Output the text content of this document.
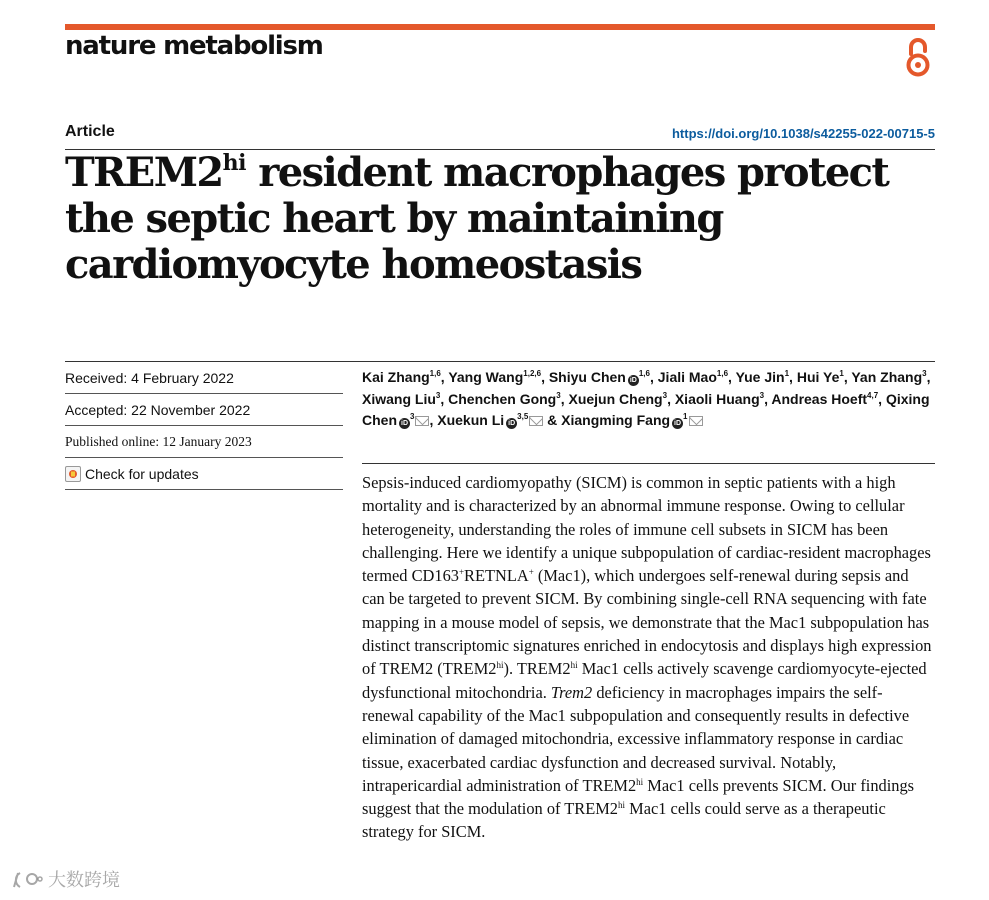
nature metabolism
Article	https://doi.org/10.1038/s42255-022-00715-5
$TREM2^{hi}$ resident macrophages protect the septic heart by maintaining cardiomyocyte homeostasis
Received: 4 February 2022
Accepted: 22 November 2022
Published online: 12 January 2023
Check for updates
Kai Zhang$^{1,6}$, Yang Wang$^{1,2,6}$, Shiyu Chen iD$^{1,6}$, Jiali Mao$^{1,6}$, Yue Jin$^1$, Hui Ye$^1$, Yan Zhang$^3$, Xiwang Liu$^3$, Chenchen Gong$^3$, Xuejun Cheng$^3$, Xiaoli Huang$^3$, Andreas Hoeft$^{4,7}$, Qixing Chen $iD^3$ , Xuekun Li iD$^{3,5}$ & Xiangming Fang $iD^1$

Sepsis-induced cardiomyopathy (SICM) is common in septic patients with a high mortality and is characterized by an abnormal immune response. Owing to cellular heterogeneity, understanding the roles of immune cell subsets in SICM has been challenging. Here we identify a unique subpopulation of cardiac-resident macrophages termed CD163+RETNLA+ (Mac1), which undergoes self-renewal during sepsis and can be targeted to prevent SICM. By combining single-cell RNA sequencing with fate mapping in a mouse model of sepsis, we demonstrate that the Mac1 subpopulation has distinct transcriptomic signatures enriched in endocytosis and displays high expression of TREM2 $(TREM2^{hi})$. $TREM2^{hi}$ Mac1 cells actively scavenge cardiomyocyte-ejected dysfunctional mitochondria. Trem2 deficiency in macrophages impairs the self-renewal capability of the Mac1 subpopulation and consequently results in defective elimination of damaged mitochondria, excessive inflammatory response in cardiac tissue, exacerbated cardiac dysfunction and decreased survival. Notably, intrapericardial administration of $TREM2^{hi}$ Mac1 cells prevents SICM. Our findings suggest that the modulation of $TREM2^{hi}$ Mac1 cells could serve as a therapeutic strategy for SICM.

大数跨境
